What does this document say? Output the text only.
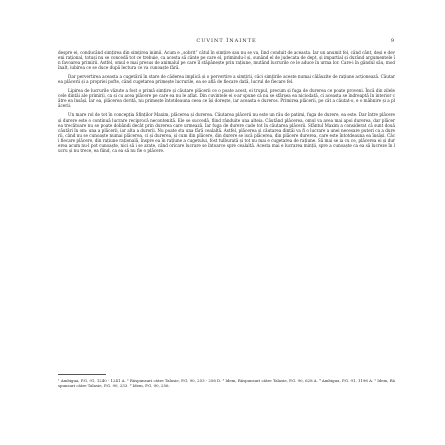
CUVINT ÎNAINTE	9

despre ei, conducând simțirea din simțirea inimii. Acum e „sobrit” câtul în simțire sau nu se va, Iind conduit de aceasta. Iar un anumit fel, când cânt, deși e deveni rațional, totuși nu se concedă tot ce trebuie, ca acesta să cânte pe care el, primindu-l și, sunând el de judecata de dept, și impartial și durând argumentele în favoarea primirii. Astfel, omul e mai presus de animalul pe care îl stăpânește prin rațiune, mutând lucrurile ce le aduce în urma lor. Care-i în gândul său, mod înalt, iubirea ce se duce după lectura ce va cunoaște fără.

Dar pervertirea aceasta a cugetării în stare de căderea implică și o pervertire a simțirii, căci simțirile aceste numai câlăuzite de rațiune acționează. Căutarea plăcerii și a propriei pofte, când cugetarea primește lucrurile, ea se află de fiecare dată, lucrul de fiecare fel.

Lipirea de lucrurile văzute a fost o primă simțire și câutare plăcerii ce o poate acest, ei trupul, precum și fuga de durerea ce poate proveni. Încă din zilele cele dintâi ale primirii, ca și cu acea plăcere pe care ea nu le aflat. Din cuvintele ei s-ar spune că nu se sfârșea ea niciodată, ci aceasta se îndreaptă în interior către ea însăși. Iar ea, plăcerea dorită, nu primește întotdeauna ceea ce își dorește, iar aceasta e dureros. Primirea plăcerii, pe cât a căutat-o, e o mâhnire și a plăcerii.

Un mare rol de tot în concepția Sfinților Maxim, plăcerea și durerea. Căutarea plăcerii nu este un rău de patimi, fuga de durere, ea este. Dar între plăcere și durere este o continuă lucrare reciprocă necontenită. Ele se succedă, fiind rânduite una alteia. Căutând plăcerea, omul va avea mai apoi durerea, dar plăcerea trecătoare nu se poate dobândi decât prin durerea care urmează. Iar fuga de durere cade tot în căutarea plăcerii. Sfântul Maxim a considerat că sunt două căutări în om: una a plăcerii, iar alta a durerii. Nu poate sta una fără cealaltă. Astfel, plăcerea și căutarea dintâi va fi o lucrare a unei necesare puteri ca a durerii, când nu se cunoaște numai plăcerea, ci și durerea, și cum din plăcere, din durere se iscă plăcerea, din plăcere durerea, care este întotdeauna ea însăși. Căci fiecare plăcere, din rațiune rațională, înspre ea în rațiune a cugetului, fost tulburată și tot nu mai e cugetarea de rațiune. Să mai se ia cu ce, plăcerea ei și durerea acum nu-l pot cunoaște, nici să i se arate, când oricare lucrare se întoarce spre cealaltă. Acesta mai e lucrarea minții, spre a cunoaște ca ea să lucreze în lucru și nu trece, ea fiind, ca ea să nu fie o plăcere.

¹ Ambigua, P.G. 91, 1240 - 1241 A. ² Răspunsuri către Talasie, P.G. 90, 253 - 256 D. ³ Idem, Răspunsuri către Talasie, P.G. 90, 628 A. ⁴ Ambigua, P.G. 91, 1196 A. ⁵ Idem, Răspunsuri către Talasie, P.G. 90, 253. ⁶ Idem, P.G. 90, 256.
